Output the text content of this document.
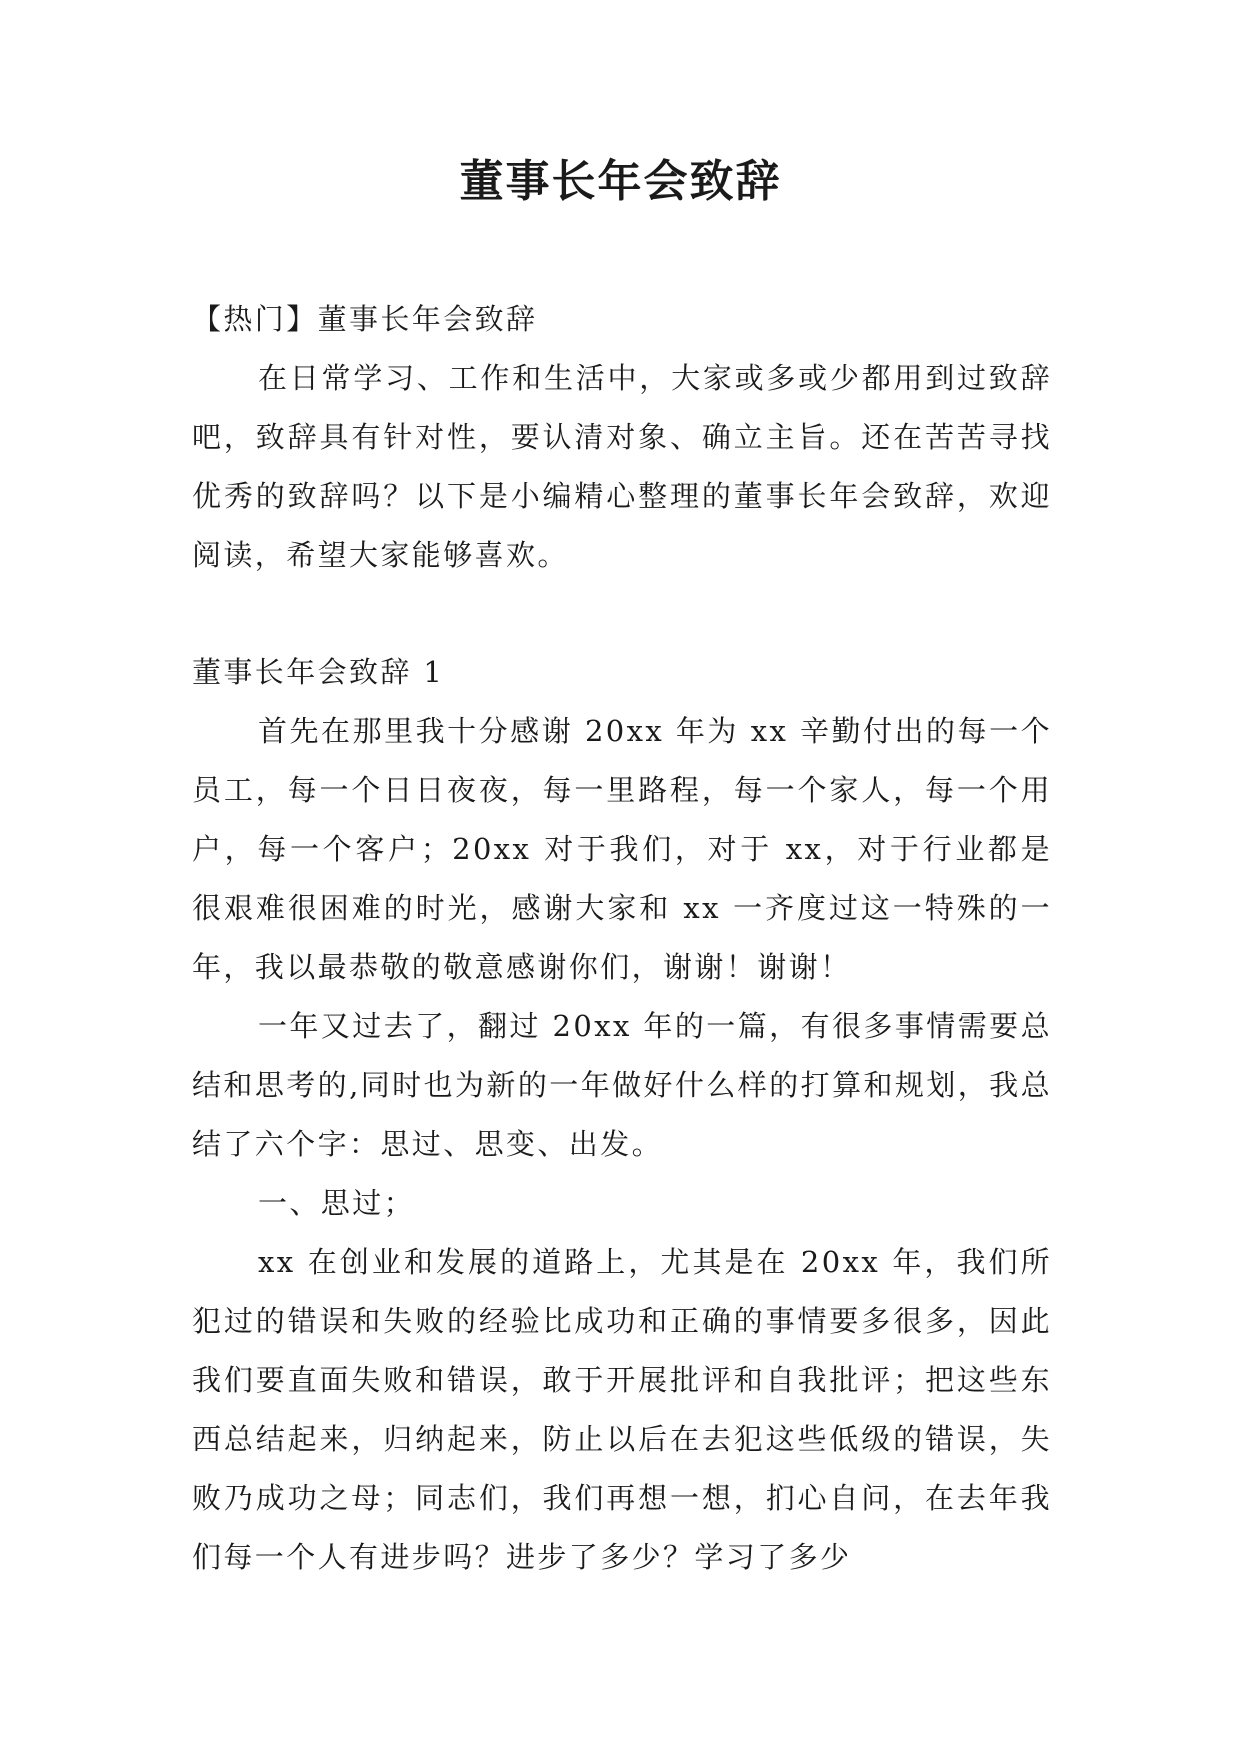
董事长年会致辞

【热门】董事长年会致辞

在日常学习、工作和生活中，大家或多或少都用到过致辞吧，致辞具有针对性，要认清对象、确立主旨。还在苦苦寻找优秀的致辞吗？以下是小编精心整理的董事长年会致辞，欢迎阅读，希望大家能够喜欢。

董事长年会致辞 1

首先在那里我十分感谢 20xx 年为 xx 辛勤付出的每一个员工，每一个日日夜夜，每一里路程，每一个家人，每一个用户，每一个客户；20xx 对于我们，对于 xx，对于行业都是很艰难很困难的时光，感谢大家和 xx 一齐度过这一特殊的一年，我以最恭敬的敬意感谢你们，谢谢！谢谢！

一年又过去了，翻过 20xx 年的一篇，有很多事情需要总结和思考的,同时也为新的一年做好什么样的打算和规划，我总结了六个字：思过、思变、出发。

一、思过；

xx 在创业和发展的道路上，尤其是在 20xx 年，我们所犯过的错误和失败的经验比成功和正确的事情要多很多，因此我们要直面失败和错误，敢于开展批评和自我批评；把这些东西总结起来，归纳起来，防止以后在去犯这些低级的错误，失败乃成功之母；同志们，我们再想一想，扪心自问，在去年我们每一个人有进步吗？进步了多少？学习了多少
